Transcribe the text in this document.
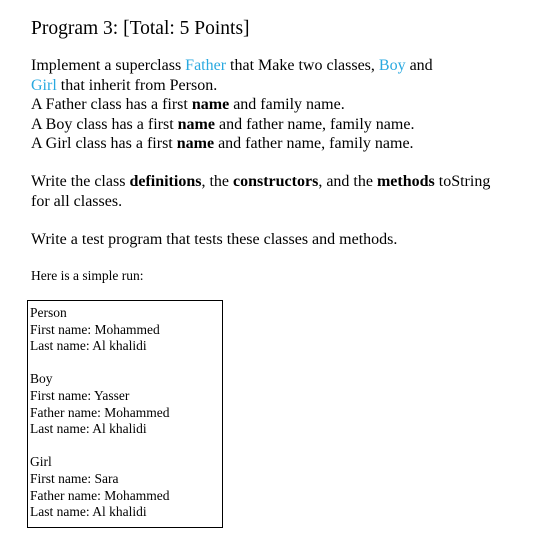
Program 3: [Total: 5 Points]
Implement a superclass Father that Make two classes, Boy and
Girl that inherit from Person.
A Father class has a first name and family name.
A Boy class has a first name and father name, family name.
A Girl class has a first name and father name, family name.
Write the class definitions, the constructors, and the methods toString
for all classes.
Write a test program that tests these classes and methods.
Here is a simple run:
Person
First name: Mohammed
Last name: Al khalidi
Boy
First name: Yasser
Father name: Mohammed
Last name: Al khalidi
Girl
First name: Sara
Father name: Mohammed
Last name: Al khalidi
